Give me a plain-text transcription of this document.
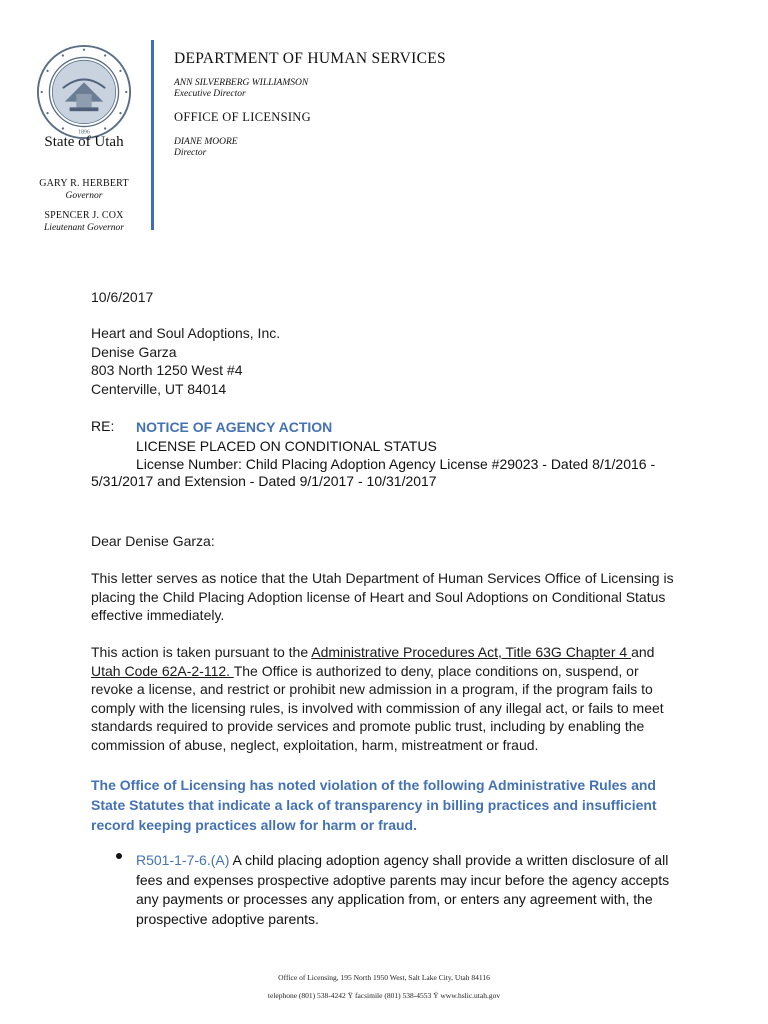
1896
State of Utah
GARY R. HERBERT
Governor
SPENCER J. COX
Lieutenant Governor
DEPARTMENT OF HUMAN SERVICES
ANN SILVERBERG WILLIAMSON
Executive Director
OFFICE OF LICENSING
DIANE MOORE
Director
10/6/2017
Heart and Soul Adoptions, Inc.
Denise Garza
803 North 1250 West #4
Centerville, UT 84014
RE: NOTICE OF AGENCY ACTION
LICENSE PLACED ON CONDITIONAL STATUS
License Number: Child Placing Adoption Agency License #29023 - Dated 8/1/2016 -
5/31/2017 and Extension - Dated 9/1/2017 - 10/31/2017
Dear Denise Garza:
This letter serves as notice that the Utah Department of Human Services Office of Licensing is
placing the Child Placing Adoption license of Heart and Soul Adoptions on Conditional Status
effective immediately.
This action is taken pursuant to the Administrative Procedures Act, Title 63G Chapter 4 and
Utah Code 62A-2-112. The Office is authorized to deny, place conditions on, suspend, or
revoke a license, and restrict or prohibit new admission in a program, if the program fails to
comply with the licensing rules, is involved with commission of any illegal act, or fails to meet
standards required to provide services and promote public trust, including by enabling the
commission of abuse, neglect, exploitation, harm, mistreatment or fraud.
The Office of Licensing has noted violation of the following Administrative Rules and
State Statutes that indicate a lack of transparency in billing practices and insufficient
record keeping practices allow for harm or fraud.
R501-1-7-6.(A) A child placing adoption agency shall provide a written disclosure of all
fees and expenses prospective adoptive parents may incur before the agency accepts
any payments or processes any application from, or enters any agreement with, the
prospective adoptive parents.
Office of Licensing, 195 North 1950 West, Salt Lake City, Utah 84116
telephone (801) 538-4242 Ÿ facsimile (801) 538-4553 Ÿ www.hslic.utah.gov
